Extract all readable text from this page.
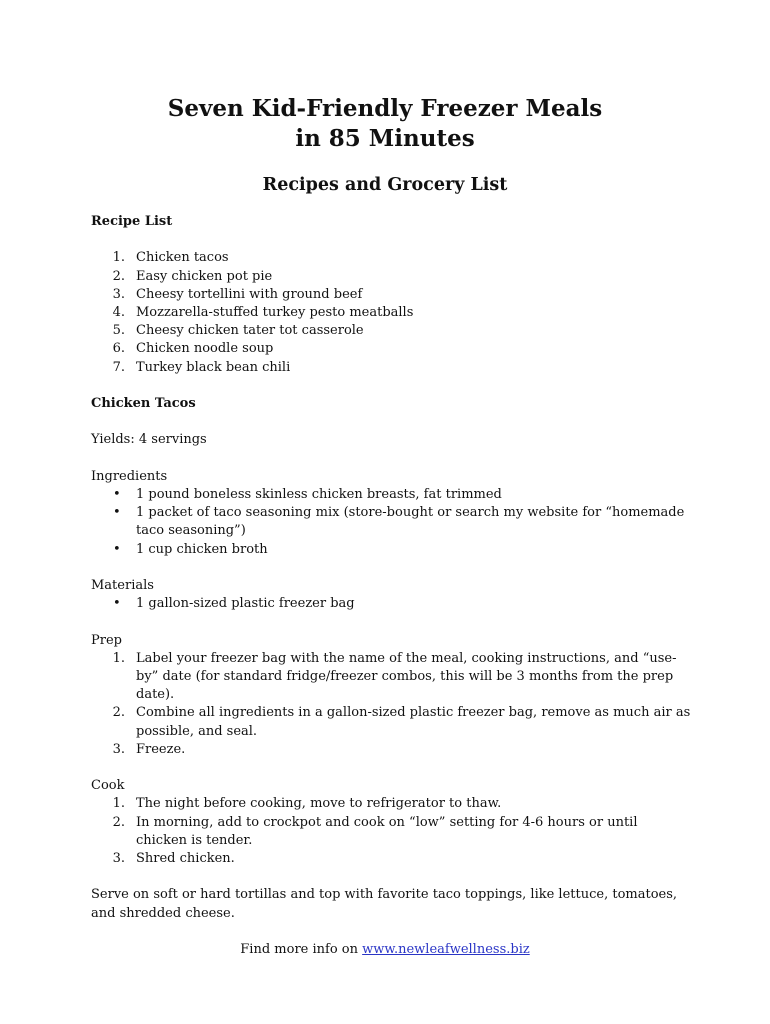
Seven Kid-Friendly Freezer Meals
in 85 Minutes
Recipes and Grocery List
Recipe List
1. Chicken tacos
2. Easy chicken pot pie
3. Cheesy tortellini with ground beef
4. Mozzarella-stuffed turkey pesto meatballs
5. Cheesy chicken tater tot casserole
6. Chicken noodle soup
7. Turkey black bean chili
Chicken Tacos
Yields: 4 servings
Ingredients
• 1 pound boneless skinless chicken breasts, fat trimmed
• 1 packet of taco seasoning mix (store-bought or search my website for “homemade taco seasoning”)
• 1 cup chicken broth
Materials
• 1 gallon-sized plastic freezer bag
Prep
1. Label your freezer bag with the name of the meal, cooking instructions, and “use-by” date (for standard fridge/freezer combos, this will be 3 months from the prep date).
2. Combine all ingredients in a gallon-sized plastic freezer bag, remove as much air as possible, and seal.
3. Freeze.
Cook
1. The night before cooking, move to refrigerator to thaw.
2. In morning, add to crockpot and cook on “low” setting for 4-6 hours or until chicken is tender.
3. Shred chicken.
Serve on soft or hard tortillas and top with favorite taco toppings, like lettuce, tomatoes, and shredded cheese.
Find more info on www.newleafwellness.biz
